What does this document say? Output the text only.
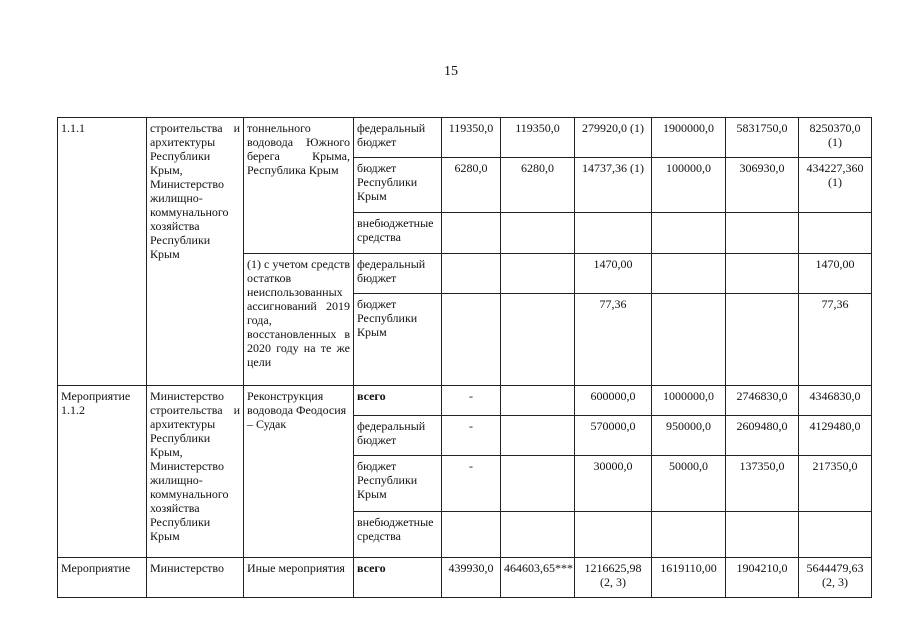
15
1.1.1	строительства и архитектуры Республики Крым, Министерство жилищно-коммунального хозяйства Республики Крым	тоннельного водовода Южного берега Крыма, Республика Крым	федеральный бюджет	119350,0	119350,0	279920,0 (1)	1900000,0	5831750,0	8250370,0 (1)
			бюджет Республики Крым	6280,0	6280,0	14737,36 (1)	100000,0	306930,0	434227,360 (1)
			внебюджетные средства						
		(1) с учетом средств остатков неиспользованных ассигнований 2019 года, восстановленных в 2020 году на те же цели	федеральный бюджет			1470,00			1470,00
			бюджет Республики Крым			77,36			77,36
Мероприятие 1.1.2	Министерство строительства и архитектуры Республики Крым, Министерство жилищно-коммунального хозяйства Республики Крым	Реконструкция водовода Феодосия – Судак	всего	-		600000,0	1000000,0	2746830,0	4346830,0
			федеральный бюджет	-		570000,0	950000,0	2609480,0	4129480,0
			бюджет Республики Крым	-		30000,0	50000,0	137350,0	217350,0
			внебюджетные средства						
Мероприятие	Министерство	Иные мероприятия	всего	439930,0	464603,65***	1216625,98 (2, 3)	1619110,00	1904210,0	5644479,63 (2, 3)
